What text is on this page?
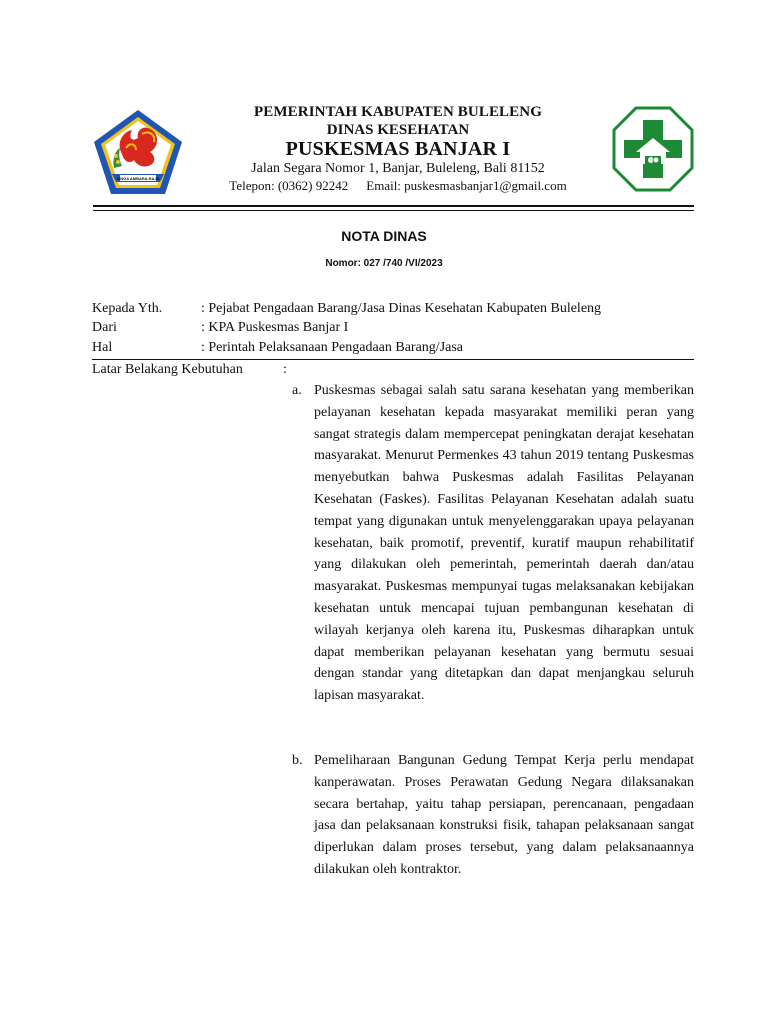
SINGA AMBARA RAJA
PEMERINTAH KABUPATEN BULELENG
DINAS KESEHATAN
PUSKESMAS BANJAR I
Jalan Segara Nomor 1, Banjar, Buleleng, Bali 81152
Telepon: (0362) 92242 Email: puskesmasbanjar1@gmail.com
NOTA DINAS
Nomor: 027 /740 /VI/2023
Kepada Yth.	: Pejabat Pengadaan Barang/Jasa Dinas Kesehatan Kabupaten Buleleng
Dari	: KPA Puskesmas Banjar I
Hal	: Perintah Pelaksanaan Pengadaan Barang/Jasa
Latar Belakang Kebutuhan	:
a. Puskesmas sebagai salah satu sarana kesehatan yang memberikan pelayanan kesehatan kepada masyarakat memiliki peran yang sangat strategis dalam mempercepat peningkatan derajat kesehatan masyarakat. Menurut Permenkes 43 tahun 2019 tentang Puskesmas menyebutkan bahwa Puskesmas adalah Fasilitas Pelayanan Kesehatan (Faskes). Fasilitas Pelayanan Kesehatan adalah suatu tempat yang digunakan untuk menyelenggarakan upaya pelayanan kesehatan, baik promotif, preventif, kuratif maupun rehabilitatif yang dilakukan oleh pemerintah, pemerintah daerah dan/atau masyarakat. Puskesmas mempunyai tugas melaksanakan kebijakan kesehatan untuk mencapai tujuan pembangunan kesehatan di wilayah kerjanya oleh karena itu, Puskesmas diharapkan untuk dapat memberikan pelayanan kesehatan yang bermutu sesuai dengan standar yang ditetapkan dan dapat menjangkau seluruh lapisan masyarakat.
b. Pemeliharaan Bangunan Gedung Tempat Kerja perlu mendapat kanperawatan. Proses Perawatan Gedung Negara dilaksanakan secara bertahap, yaitu tahap persiapan, perencanaan, pengadaan jasa dan pelaksanaan konstruksi fisik, tahapan pelaksanaan sangat diperlukan dalam proses tersebut, yang dalam pelaksanaannya dilakukan oleh kontraktor.
